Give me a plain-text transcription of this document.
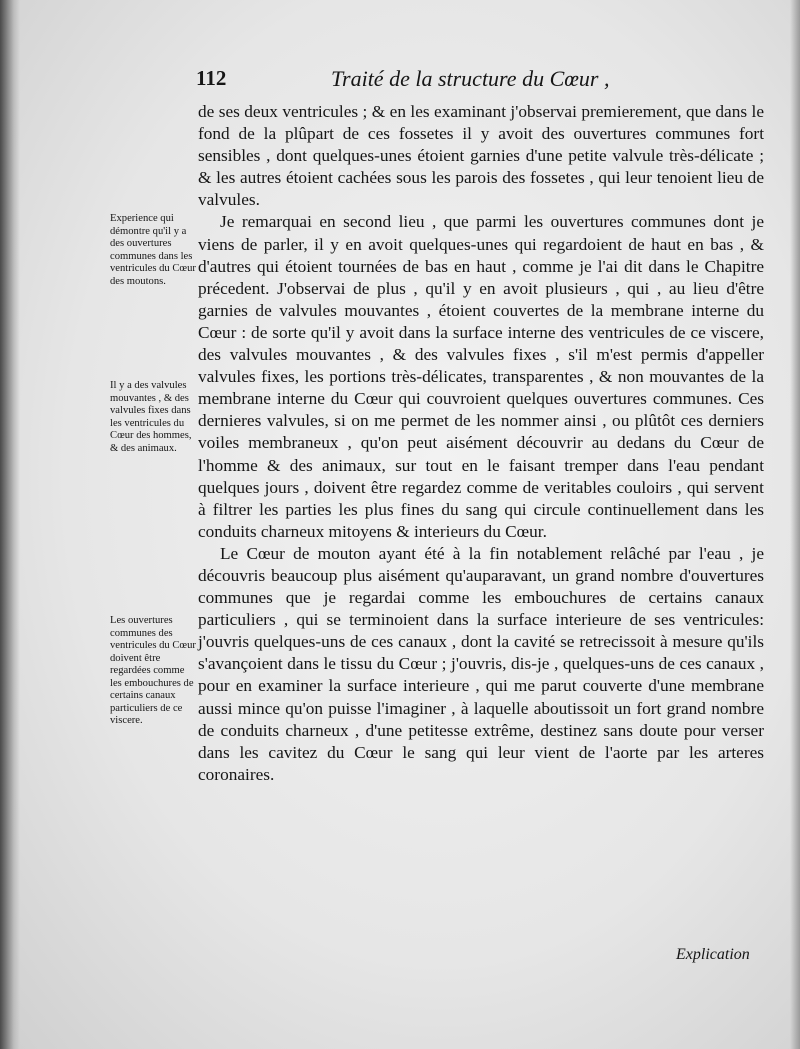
112	Traité de la structure du Cœur ,
Experience qui démontre qu'il y a des ouvertures communes dans les ventricules du Cœur des moutons.
Il y a des valvules mouvantes , & des valvules fixes dans les ventricules du Cœur des hommes, & des animaux.
Les ouvertures communes des ventricules du Cœur doivent être regardées comme les embouchures de certains canaux particuliers de ce viscere.

de ses deux ventricules ; & en les examinant j'observai premierement, que dans le fond de la plûpart de ces fossetes il y avoit des ouvertures communes fort sensibles , dont quelques-unes étoient garnies d'une petite valvule très-délicate ; & les autres étoient cachées sous les parois des fossetes , qui leur tenoient lieu de valvules.

Je remarquai en second lieu , que parmi les ouvertures communes dont je viens de parler, il y en avoit quelques-unes qui regardoient de haut en bas , & d'autres qui étoient tournées de bas en haut , comme je l'ai dit dans le Chapitre précedent. J'observai de plus , qu'il y en avoit plusieurs , qui , au lieu d'être garnies de valvules mouvantes , étoient couvertes de la membrane interne du Cœur : de sorte qu'il y avoit dans la surface interne des ventricules de ce viscere, des valvules mouvantes , & des valvules fixes , s'il m'est permis d'appeller valvules fixes, les portions très-délicates, transparentes , & non mouvantes de la membrane interne du Cœur qui couvroient quelques ouvertures communes. Ces dernieres valvules, si on me permet de les nommer ainsi , ou plûtôt ces derniers voiles membraneux , qu'on peut aisément découvrir au dedans du Cœur de l'homme & des animaux, sur tout en le faisant tremper dans l'eau pendant quelques jours , doivent être regardez comme de veritables couloirs , qui servent à filtrer les parties les plus fines du sang qui circule continuellement dans les conduits charneux mitoyens & interieurs du Cœur.

Le Cœur de mouton ayant été à la fin notablement relâché par l'eau , je découvris beaucoup plus aisément qu'auparavant, un grand nombre d'ouvertures communes que je regardai comme les embouchures de certains canaux particuliers , qui se terminoient dans la surface interieure de ses ventricules: j'ouvris quelques-uns de ces canaux , dont la cavité se retrecissoit à mesure qu'ils s'avançoient dans le tissu du Cœur ; j'ouvris, dis-je , quelques-uns de ces canaux , pour en examiner la surface interieure , qui me parut couverte d'une membrane aussi mince qu'on puisse l'imaginer , à laquelle aboutissoit un fort grand nombre de conduits charneux , d'une petitesse extrême, destinez sans doute pour verser dans les cavitez du Cœur le sang qui leur vient de l'aorte par les arteres coronaires.

Explication
